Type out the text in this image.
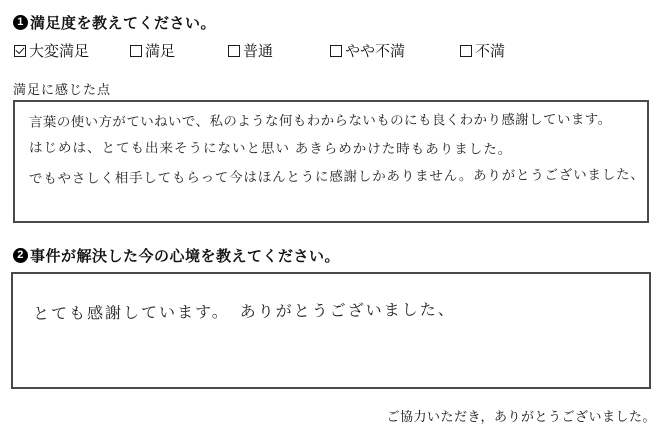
1 満足度を教えてください。
大変満足	満足	普通	やや不満	不満
満足に感じた点
言葉の使い方がていねいで、私のような何もわからないものにも良くわかり感謝しています。
はじめは、とても出来そうにないと思い あきらめかけた時もありました。
でもやさしく相手してもらって今はほんとうに感謝しかありません。ありがとうございました、
2 事件が解決した今の心境を教えてください。
とても感謝しています。　ありがとうございました、
ご協力いただき，ありがとうございました。
